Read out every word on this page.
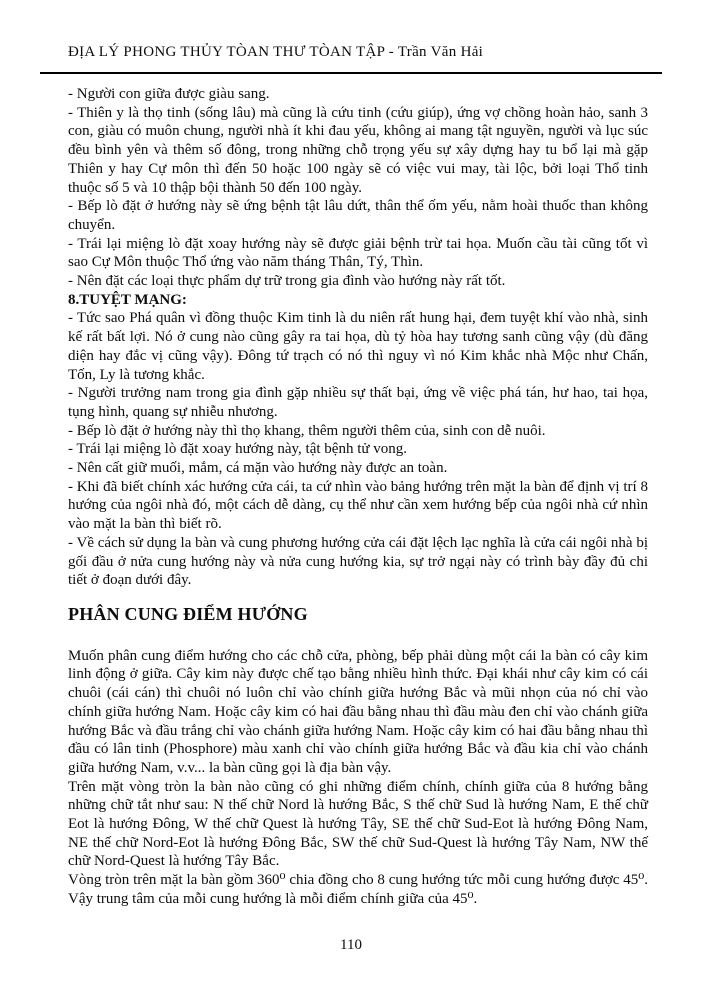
ĐỊA LÝ PHONG THỦY TÒAN THƯ TÒAN TẬP - Trần Văn Hải

- Người con giữa được giàu sang.

- Thiên y là thọ tinh (sống lâu) mà cũng là cứu tinh (cứu giúp), ứng vợ chồng hoàn hảo, sanh 3 con, giàu có muôn chung, người nhà ít khi đau yếu, không ai mang tật nguyền, người và lục súc đều bình yên và thêm số đông, trong những chỗ trọng yếu sự xây dựng hay tu bổ lại mà gặp Thiên y hay Cự môn thì đến 50 hoặc 100 ngày sẽ có việc vui may, tài lộc, bởi loại Thổ tinh thuộc số 5 và 10 thập bội thành 50 đến 100 ngày.

- Bếp lò đặt ở hướng này sẽ ứng bệnh tật lâu dứt, thân thể ốm yếu, nằm hoài thuốc than không chuyển.

- Trái lại miệng lò đặt xoay hướng này sẽ được giải bệnh trừ tai họa. Muốn cầu tài cũng tốt vì sao Cự Môn thuộc Thổ ứng vào năm tháng Thân, Tý, Thìn.

- Nên đặt các loại thực phẩm dự trữ trong gia đình vào hướng này rất tốt.

8.TUYỆT MẠNG:

- Tức sao Phá quân vì đồng thuộc Kim tinh là du niên rất hung hại, đem tuyệt khí vào nhà, sinh kế rất bất lợi. Nó ở cung nào cũng gây ra tai họa, dù tỷ hòa hay tương sanh cũng vậy (dù đăng diện hay đắc vị cũng vậy). Đông tứ trạch có nó thì nguy vì nó Kim khắc nhà Mộc như Chấn, Tốn, Ly là tương khắc.

- Người trưởng nam trong gia đình gặp nhiều sự thất bại, ứng về việc phá tán, hư hao, tai họa, tụng hình, quang sự nhiễu nhương.

- Bếp lò đặt ở hướng này thì thọ khang, thêm người thêm của, sinh con dễ nuôi.

- Trái lại miệng lò đặt xoay hướng này, tật bệnh tử vong.

- Nên cất giữ muối, mắm, cá mặn vào hướng này được an toàn.

- Khi đã biết chính xác hướng cửa cái, ta cứ nhìn vào bảng hướng trên mặt la bàn để định vị trí 8 hướng của ngôi nhà đó, một cách dễ dàng, cụ thể như cần xem hướng bếp của ngôi nhà cứ nhìn vào mặt la bàn thì biết rõ.

- Về cách sử dụng la bàn và cung phương hướng cửa cái đặt lệch lạc nghĩa là cửa cái ngôi nhà bị gối đầu ở nửa cung hướng này và nửa cung hướng kia, sự trở ngại này có trình bày đầy đủ chi tiết ở đoạn dưới đây.

PHÂN CUNG ĐIỂM HƯỚNG

Muốn phân cung điểm hướng cho các chỗ cửa, phòng, bếp phải dùng một cái la bàn có cây kim linh động ở giữa. Cây kim này được chế tạo bằng nhiều hình thức. Đại khái như cây kim có cái chuôi (cái cán) thì chuôi nó luôn chỉ vào chính giữa hướng Bắc và mũi nhọn của nó chỉ vào chính giữa hướng Nam. Hoặc cây kim có hai đầu bằng nhau thì đầu màu đen chỉ vào chánh giữa hướng Bắc và đầu trắng chỉ vào chánh giữa hướng Nam. Hoặc cây kim có hai đầu bằng nhau thì đầu có lân tinh (Phosphore) màu xanh chỉ vào chính giữa hướng Bắc và đầu kia chỉ vào chánh giữa hướng Nam, v.v... la bàn cũng gọi là địa bàn vậy.

Trên mặt vòng tròn la bàn nào cũng có ghi những điểm chính, chính giữa của 8 hướng bằng những chữ tắt như sau: N thế chữ Nord là hướng Bắc, S thế chữ Sud là hướng Nam, E thế chữ Eot là hướng Đông, W thế chữ Quest là hướng Tây, SE thế chữ Sud-Eot là hướng Đông Nam, NE thế chữ Nord-Eot là hướng Đông Bắc, SW thế chữ Sud-Quest là hướng Tây Nam, NW thế chữ Nord-Quest là hướng Tây Bắc.

Vòng tròn trên mặt la bàn gồm 360⁰ chia đồng cho 8 cung hướng tức mỗi cung hướng được 45⁰. Vậy trung tâm của mỗi cung hướng là mỗi điểm chính giữa của 45⁰.

110
